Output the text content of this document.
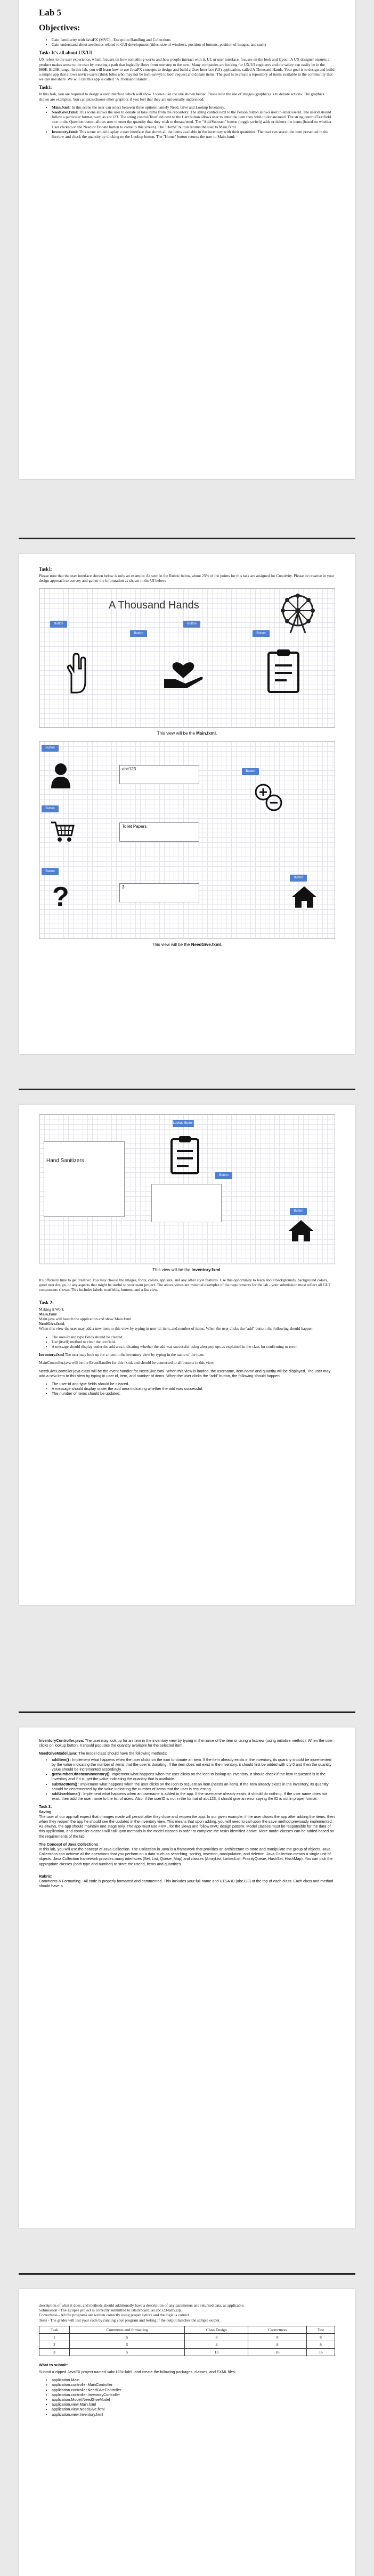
Lab 5
Objectives:
• Gain familiarity with JavaFX (MVC) , Exception Handling and Collections
• Gain understand about aesthetics related to GUI development (titles, size of windows, position of buttons, position of images, and such)
Task: It's all about UX/UI

UX refers to the user experience, which focuses on how something works and how people interact with it. UI, or user interface, focuses on the look and layout. A UX designer ensures a product makes sense to the user by creating a path that logically flows from one step to the next. Many companies are looking for UX/UI engineers and the salary can easily be in the $60K-$120K range. In this lab, you will learn how to use JavaFX concepts to design and build a User Interface (UI) application, called A Thousand Hands. Your goal is to design and build a simple app that allows novice users (think folks who may not be tech-savvy) to both request and donate items. The goal is to create a repository of items available in the community that we can use/share. We will call this app is called "A Thousand Hands".

Task1:

In this task, you are required to design a user interface which will show 3 views like the one shown below. Please note the use of images (graphics) is to denote actions. The graphics shown are examples. You can pick/choose other graphics if you feel that they are universally understood.

• Main.fxml: In this scene the user can select between three options namely Need, Give and Lookup Inventory.
• NeedGive.fxml: This scene allows the user to donate or take items from the repository. The string control next to the Person button allows user to enter userid. The userid should follow a particular format, such as abc123. The string control/Textfield next to the Cart button allows user to enter the item they wish to donate/need. The string control/Textfield next to the Question button allows user to enter the quantity that they wish to donate/need. The "Add/Subtract" button (toggle switch) adds or deletes the items (based on whether User clicked on the Need or Donate button to come to this screen). The "Home" button returns the user to Main.fxml.
• Inventory.fxml: This scene would display a user interface that shows all the items available in the inventory with their quantities. The user can search the item presented in the listview and check the quantity by clicking on the Lookup button. The "Home" button returns the user to Main.fxml.
Task1:

Please note that the user interface shown below is only an example. As seen in the Rubric below, about 25% of the points for this task are assigned for Creativity. Please be creative in your design approach to convey and gather the information as shown in the UI below:

A Thousand Hands
Button
Button
Button
Button
This view will be the Main.fxml.
Button
abc123
Button
Toilet Papers
Button
Button
?	3
Button
This view will be the NeedGive.fxml.
Lookup Button
Hand Sanitizers
Button
Button
This view will be the Inventory.fxml.

It's officially time to get creative! You may choose the images, fonts, colors, app size, and any other style features. Use this opportunity to learn about backgrounds, background colors, good user design, or any aspects that might be useful to your team project. The above views are minimal examples of the requirements for the lab - your submission must reflect all GUI components shown. This includes labels, textfields, buttons, and a list view.

Task 2:

Making it Work

Main.fxml

Main.java will launch the application and show Main.fxml.

NeedGive.fxml.

When this view the user may add a new item to this view by typing in user id, item, and number of items. When the user clicks the "add" button, the following should happen:

• The user-id and type fields should be cleared.
• Use (itself) method to clear the textfield.
• A message should display under the add area indicating whether the add was successful using alert-pop ups as explained in the class for confirming or error.

Inventory.fxml The user may look up for a item in the inventory view by typing in the name of the item.

MainController.java will be the EventHandler for this fxml, and should be connected to all buttons in this view.

NeedGiveController.java class will be the event handler for NeedGive.fxml. When this view is loaded, the username, item name and quantity will be displayed. The user may add a new item to this view by typing in user id, item, and number of items. When the user clicks the "add" button, the following should happen:

• The user-id and type fields should be cleared.
• A message should display under the add area indicating whether the add was successful.
• The number of items should be updated.

InventoryController.java: The user may look up for an item in the inventory view by typing in the name of the item or using a listview (using initialize method). When the user clicks on lookup button, it should populate the quantity available for the selected item.

NeedGiveModel.java: The model class should have the following methods:

• addItem() : Implement what happens when the user clicks on the icon to donate an item. If the item already exists in the inventory, its quantity should be incremented by the value indicating the number of items that the user is donating. If the item does not exist in the inventory, it should first be added with qty 0 and then the quantity value should be incremented accordingly.
• getNumberOfItemsInInventory(): Implement what happens when the user clicks on the icon to lookup an inventory. It should check if the item requested is in the inventory and if it is, get the value indicating the quantity that is available.
• subtractItem() : Implement what happens when the user clicks on the icon to request an item (needs an item). If the item already exists in the inventory, its quantity should be decremented by the value indicating the number of items that the user is requesting.
• addUserName() : Implement what happens when an username is added in the app. If the username already exists, it should do nothing. If the user name does not exist, then add the user name to the list of users. Also, if the userID is not in the format of abc123, it should give an error saying the ID is not in proper format.

Task 3:

Saving

The user of our app will expect that changes made will persist after they close and reopen the app. In our given example, if the user closes the app after adding the items, then when they reopen the app he should see the updates in the inventory view. This means that upon adding, you will need to call upon the save method previously implemented. As always, the app should maintain one stage only. The app must use FXML for the views and follow MVC design pattern. Model classes must be responsible for the data of this application, and controller classes will call upon methods in the model classes in order to complete the tasks identified above. More model classes can be added based on the requirements of the lab.

The Concept of Java Collections

In this lab, you will use the concept of Java Collection. The Collection in Java is a framework that provides an architecture to store and manipulate the group of objects. Java Collections can achieve all the operations that you perform on a data such as searching, sorting, insertion, manipulation, and deletion. Java Collection means a single unit of objects. Java Collection framework provides many interfaces (Set, List, Queue, Map) and classes (ArrayList, LinkedList, PriorityQueue, HashSet, HashMap). You can pick the appropriate classes (both type and number) to store the userid, items and quantities.

Rubric:

Comments & Formatting - All code is properly formatted and commented. This includes your full name and UTSA ID (abc123) at the top of each class. Each class and method should have a

description of what it does, and methods should additionally have a description of any parameters and returned data, as applicable.

Submission - The Eclipse project is correctly submitted to Blackboard, as abc123-lab5.zip.

Correctness - All the programs are written correctly using proper syntax and the logic is correct.

Tests - The grader will test your code by running your program and testing if the output matches the sample output.

Task	Comments and formatting	Class Design	Correctness	Test
1	5	8	8	8
2	5	4	8	8
3	5	13	16	16

What to submit:

Submit a zipped JavaFX project named <abc123>-lab5, and create the following packages, classes, and FXML files:

• application.Main
• application.controller.MainController
• application.controller.NeedGiveController
• application.controller.InventoryController
• application.Model.NeedGiveModel
• application.view.Main.fxml
• application.view.NeedGive.fxml
• application.view.Inventory.fxml
